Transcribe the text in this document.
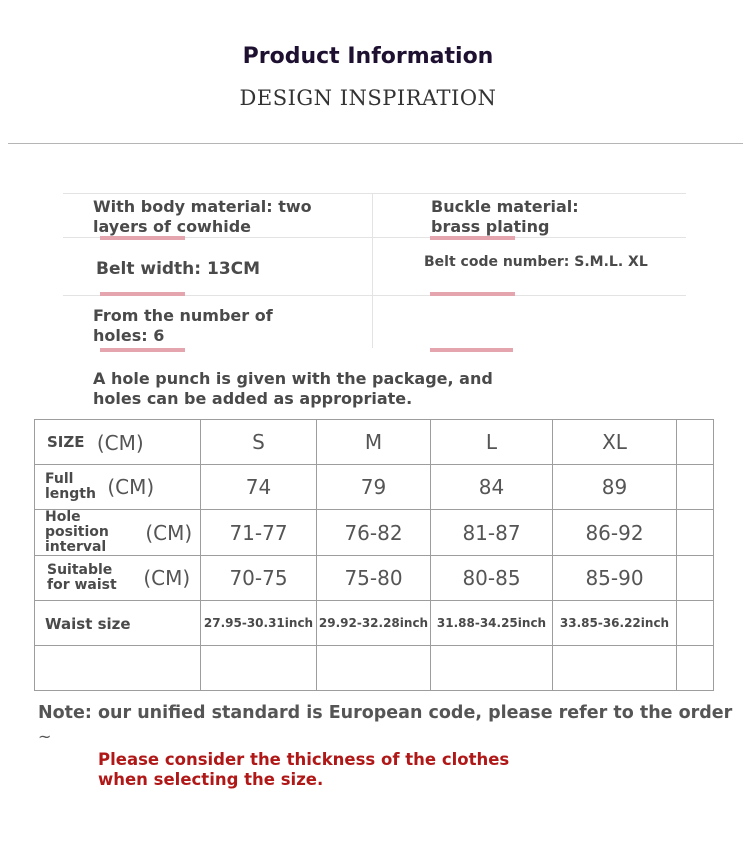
Product Information
DESIGN INSPIRATION
With body material: two layers of cowhide
Buckle material: brass plating
Belt width: 13CM	Belt code number: S.M.L. XL
From the number of holes: 6
A hole punch is given with the package, and holes can be added as appropriate.
SIZE (CM)	S	M	L	XL	
Full length (CM)	74	79	84	89	
Hole position interval (CM)	71-77	76-82	81-87	86-92	
Suitable for waist (CM)	70-75	75-80	80-85	85-90	
Waist size	27.95-30.31inch	29.92-32.28inch	31.88-34.25inch	33.85-36.22inch	

Note: our unified standard is European code, please refer to the order
~
Please consider the thickness of the clothes when selecting the size.
